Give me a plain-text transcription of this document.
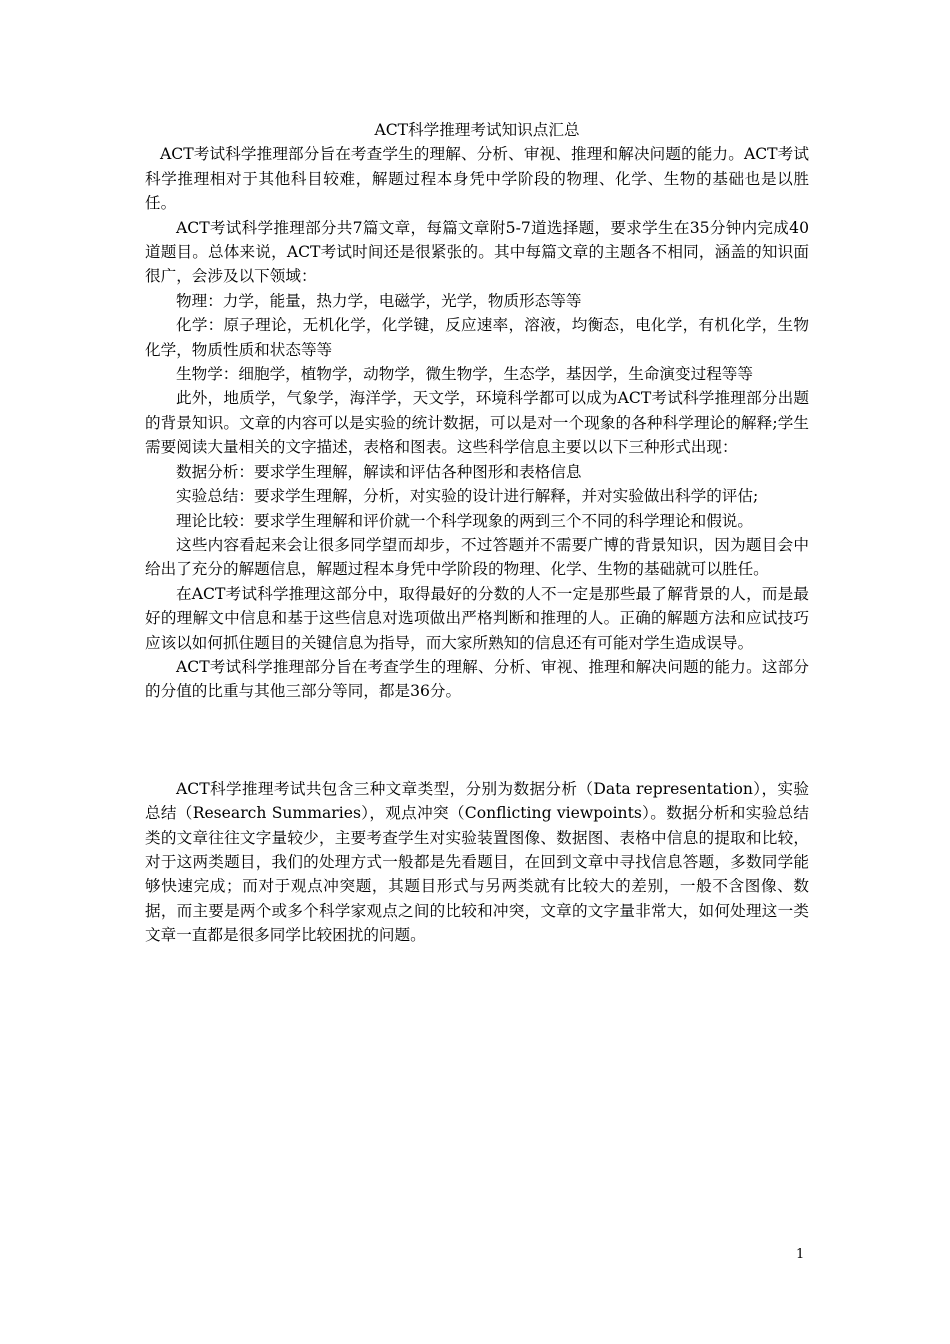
ACT科学推理考试知识点汇总

ACT考试科学推理部分旨在考查学生的理解、分析、审视、推理和解决问题的能力。ACT考试科学推理相对于其他科目较难，解题过程本身凭中学阶段的物理、化学、生物的基础也是以胜任。

ACT考试科学推理部分共7篇文章，每篇文章附5-7道选择题，要求学生在35分钟内完成40道题目。总体来说，ACT考试时间还是很紧张的。其中每篇文章的主题各不相同，涵盖的知识面很广，会涉及以下领域：

物理：力学，能量，热力学，电磁学，光学，物质形态等等

化学：原子理论，无机化学，化学键，反应速率，溶液，均衡态，电化学，有机化学，生物化学，物质性质和状态等等

生物学：细胞学，植物学，动物学，微生物学，生态学，基因学，生命演变过程等等

此外，地质学，气象学，海洋学，天文学，环境科学都可以成为ACT考试科学推理部分出题的背景知识。文章的内容可以是实验的统计数据，可以是对一个现象的各种科学理论的解释;学生需要阅读大量相关的文字描述，表格和图表。这些科学信息主要以以下三种形式出现：

数据分析：要求学生理解，解读和评估各种图形和表格信息

实验总结：要求学生理解，分析，对实验的设计进行解释，并对实验做出科学的评估;

理论比较：要求学生理解和评价就一个科学现象的两到三个不同的科学理论和假说。

这些内容看起来会让很多同学望而却步，不过答题并不需要广博的背景知识，因为题目会中给出了充分的解题信息，解题过程本身凭中学阶段的物理、化学、生物的基础就可以胜任。

在ACT考试科学推理这部分中，取得最好的分数的人不一定是那些最了解背景的人，而是最好的理解文中信息和基于这些信息对选项做出严格判断和推理的人。正确的解题方法和应试技巧应该以如何抓住题目的关键信息为指导，而大家所熟知的信息还有可能对学生造成误导。

ACT考试科学推理部分旨在考查学生的理解、分析、审视、推理和解决问题的能力。这部分的分值的比重与其他三部分等同，都是36分。

ACT科学推理考试共包含三种文章类型，分别为数据分析（Data representation），实验总结（Research Summaries），观点冲突（Conflicting viewpoints）。数据分析和实验总结类的文章往往文字量较少，主要考查学生对实验装置图像、数据图、表格中信息的提取和比较，对于这两类题目，我们的处理方式一般都是先看题目，在回到文章中寻找信息答题，多数同学能够快速完成；而对于观点冲突题，其题目形式与另两类就有比较大的差别，一般不含图像、数据，而主要是两个或多个科学家观点之间的比较和冲突，文章的文字量非常大，如何处理这一类文章一直都是很多同学比较困扰的问题。

1
